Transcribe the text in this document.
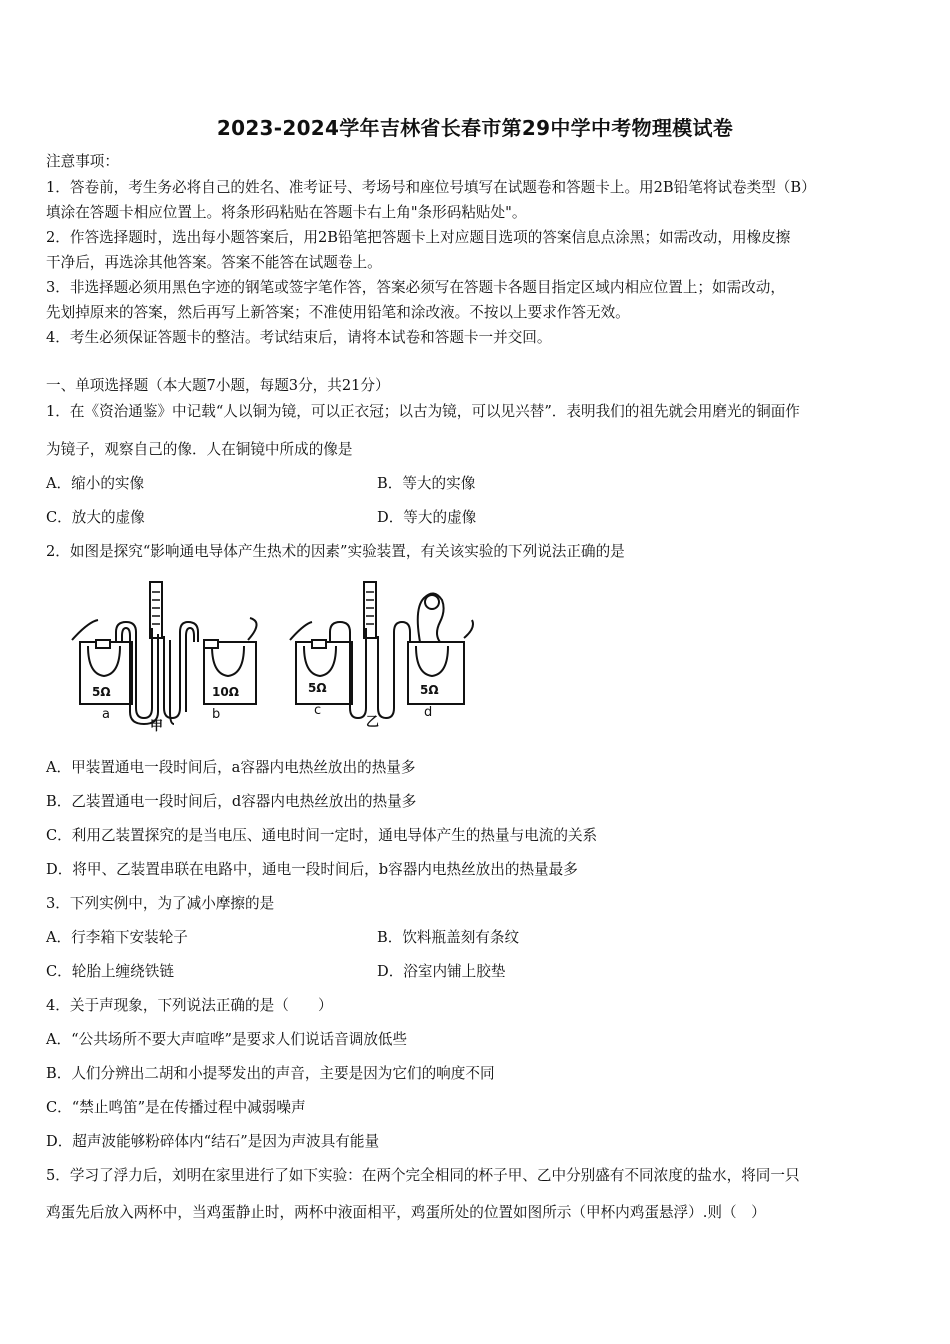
2023-2024学年吉林省长春市第29中学中考物理模试卷
注意事项：
1．答卷前，考生务必将自己的姓名、准考证号、考场号和座位号填写在试题卷和答题卡上。用2B铅笔将试卷类型（B）
填涂在答题卡相应位置上。将条形码粘贴在答题卡右上角"条形码粘贴处"。
2．作答选择题时，选出每小题答案后，用2B铅笔把答题卡上对应题目选项的答案信息点涂黑；如需改动，用橡皮擦
干净后，再选涂其他答案。答案不能答在试题卷上。
3．非选择题必须用黑色字迹的钢笔或签字笔作答，答案必须写在答题卡各题目指定区域内相应位置上；如需改动，
先划掉原来的答案，然后再写上新答案；不准使用铅笔和涂改液。不按以上要求作答无效。
4．考生必须保证答题卡的整洁。考试结束后，请将本试卷和答题卡一并交回。
一、单项选择题（本大题7小题，每题3分，共21分）
1．在《资治通鉴》中记载“人以铜为镜，可以正衣冠；以古为镜，可以见兴替”．表明我们的祖先就会用磨光的铜面作
为镜子，观察自己的像．人在铜镜中所成的像是
A．缩小的实像	B．等大的实像
C．放大的虚像	D．等大的虚像
2．如图是探究“影响通电导体产生热术的因素”实验装置，有关该实验的下列说法正确的是
5Ω	10Ω	5Ω	5Ω
a	b	c	d
甲	乙
A．甲装置通电一段时间后，a容器内电热丝放出的热量多
B．乙装置通电一段时间后，d容器内电热丝放出的热量多
C．利用乙装置探究的是当电压、通电时间一定时，通电导体产生的热量与电流的关系
D．将甲、乙装置串联在电路中，通电一段时间后，b容器内电热丝放出的热量最多
3．下列实例中，为了减小摩擦的是
A．行李箱下安装轮子	B．饮料瓶盖刻有条纹
C．轮胎上缠绕铁链	D．浴室内铺上胶垫
4．关于声现象，下列说法正确的是（　　）
A．“公共场所不要大声喧哗”是要求人们说话音调放低些
B．人们分辨出二胡和小提琴发出的声音，主要是因为它们的响度不同
C．“禁止鸣笛”是在传播过程中减弱噪声
D．超声波能够粉碎体内“结石”是因为声波具有能量
5．学习了浮力后，刘明在家里进行了如下实验：在两个完全相同的杯子甲、乙中分别盛有不同浓度的盐水，将同一只
鸡蛋先后放入两杯中，当鸡蛋静止时，两杯中液面相平，鸡蛋所处的位置如图所示（甲杯内鸡蛋悬浮）.则（　）
